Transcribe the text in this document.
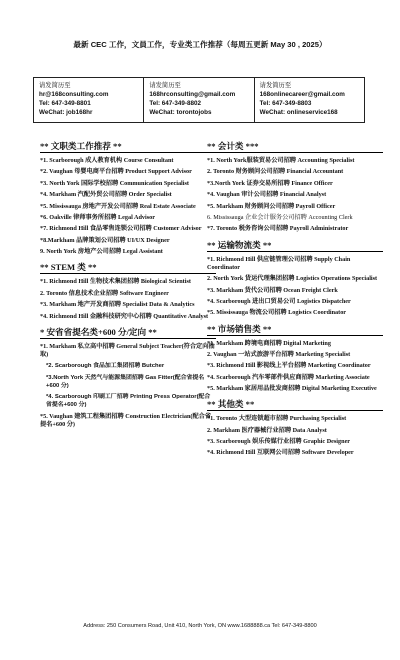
最新 CEC 工作，文員工作，专业类工作推荐（每周五更新 May 30 , 2025）
请发简历至
hr@168consulting.com
Tel: 647-349-8801
WeChat: job168hr
请发简历至
168hrconsulting@gmail.com
Tel: 647-349-8802
WeChat: torontojobs
请发简历至
168onlinecareer@gmail.com
Tel: 647-349-8803
WeChat: onlineservice168
** 文职类工作推荐 **
*1. Scarborough 成人教育机构 Course Consultant
*2. Vaughan 母婴电商平台招聘 Product Support Advisor
*3. North York 国际学校招聘 Communication Specialist
*4. Markham 汽配外贸公司招聘 Order Specialist
*5. Mississauga 房地产开发公司招聘 Real Estate Associate
*6. Oakville 律师事务所招聘 Legal Advisor
*7. Richmond Hill 食品零售连锁公司招聘 Customer Advisor
*8.Markham 品牌策划公司招聘 UI/UX Designer
9. North York 房地产公司招聘 Legal Assistant
** STEM 类 **
*1. Richmond Hill 生物技术集团招聘 Biological Scientist
2. Toronto 信息技术企业招聘 Software Engineer
*3. Markham 地产开发商招聘 Specialist Data & Analytics
*4. Richmond Hill 金融科技研究中心招聘 Quantitative Analyst
* 安省省提名类+600 分/定向 **
*1. Markham 私立高中招聘 General Subject Teacher(符合定向抽取)
*2. Scarborough 食品加工集团招聘 Butcher
*3.North York 天然气与能源集团招聘 Gas Fitter(配合省提名+600 分)
*4. Scarborough 印刷工厂招聘 Printing Press Operator(配合省提名+600 分)
*5. Vaughan 建筑工程集团招聘 Construction Electrician(配合省提名+600 分)
** 会计类 ***
*1. North York服装贸易公司招聘 Accounting Specialist
2. Toronto 财务顾问公司招聘 Financial Accountant
*3.North York 证券交易所招聘 Finance Officer
*4. Vaughan 审计公司招聘 Financial Analyst
*5. Markham 财务顾问公司招聘 Payroll Officer
6. Mississauga 企业会计服务公司招聘 Accounting Clerk
*7. Toronto 税务咨询公司招聘 Payroll Administrator
** 运输物流类 **
*1. Richmond Hill 供应链管理公司招聘 Supply Chain Coordinator
2. North York 货运代理集团招聘 Logistics Operations Specialist
*3. Markham 货代公司招聘 Ocean Freight Clerk
*4. Scarborough 进出口贸易公司 Logistics Dispatcher
*5. Mississauga 物流公司招聘 Logistics Coordinator
** 市场销售类 **
*1. Markham 跨境电商招聘 Digital Marketing
2. Vaughan 一站式旅游平台招聘 Marketing Specialist
*3. Richmond Hill 影视线上平台招聘 Marketing Coordinator
*4. Scarborough 汽车零部件供应商招聘 Marketing Associate
*5. Markham 家居用品批发商招聘 Digital Marketing Executive
** 其他类 **
*1. Toronto 大型连锁超市招聘 Purchasing Specialist
2. Markham 医疗器械行业招聘 Data Analyst
*3. Scarborough 娱乐传媒行业招聘 Graphic Designer
*4. Richmond Hill 互联网公司招聘 Software Developer
Address: 250 Consumers Road, Unit 410, North York, ON www.1688888.ca Tel: 647-349-8800
